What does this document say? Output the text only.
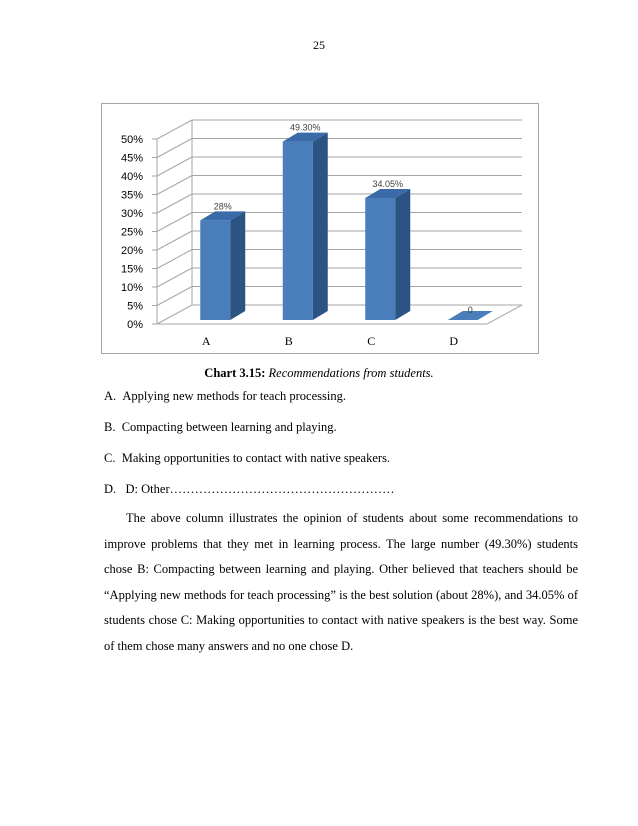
25
0%
5%
10%
15%
20%
25%
30%
35%
40%
45%
50%
28%
A
49.30%
B
34.05%
C
0
D
Chart 3.15: Recommendations from students.
A. Applying new methods for teach processing.
B. Compacting between learning and playing.
C. Making opportunities to contact with native speakers.
D. D: Other………………………………………………
The above column illustrates the opinion of students about some recommendations to improve problems that they met in learning process. The large number (49.30%) students chose B: Compacting between learning and playing. Other believed that teachers should be “Applying new methods for teach processing” is the best solution (about 28%), and 34.05% of students chose C: Making opportunities to contact with native speakers is the best way. Some of them chose many answers and no one chose D.
